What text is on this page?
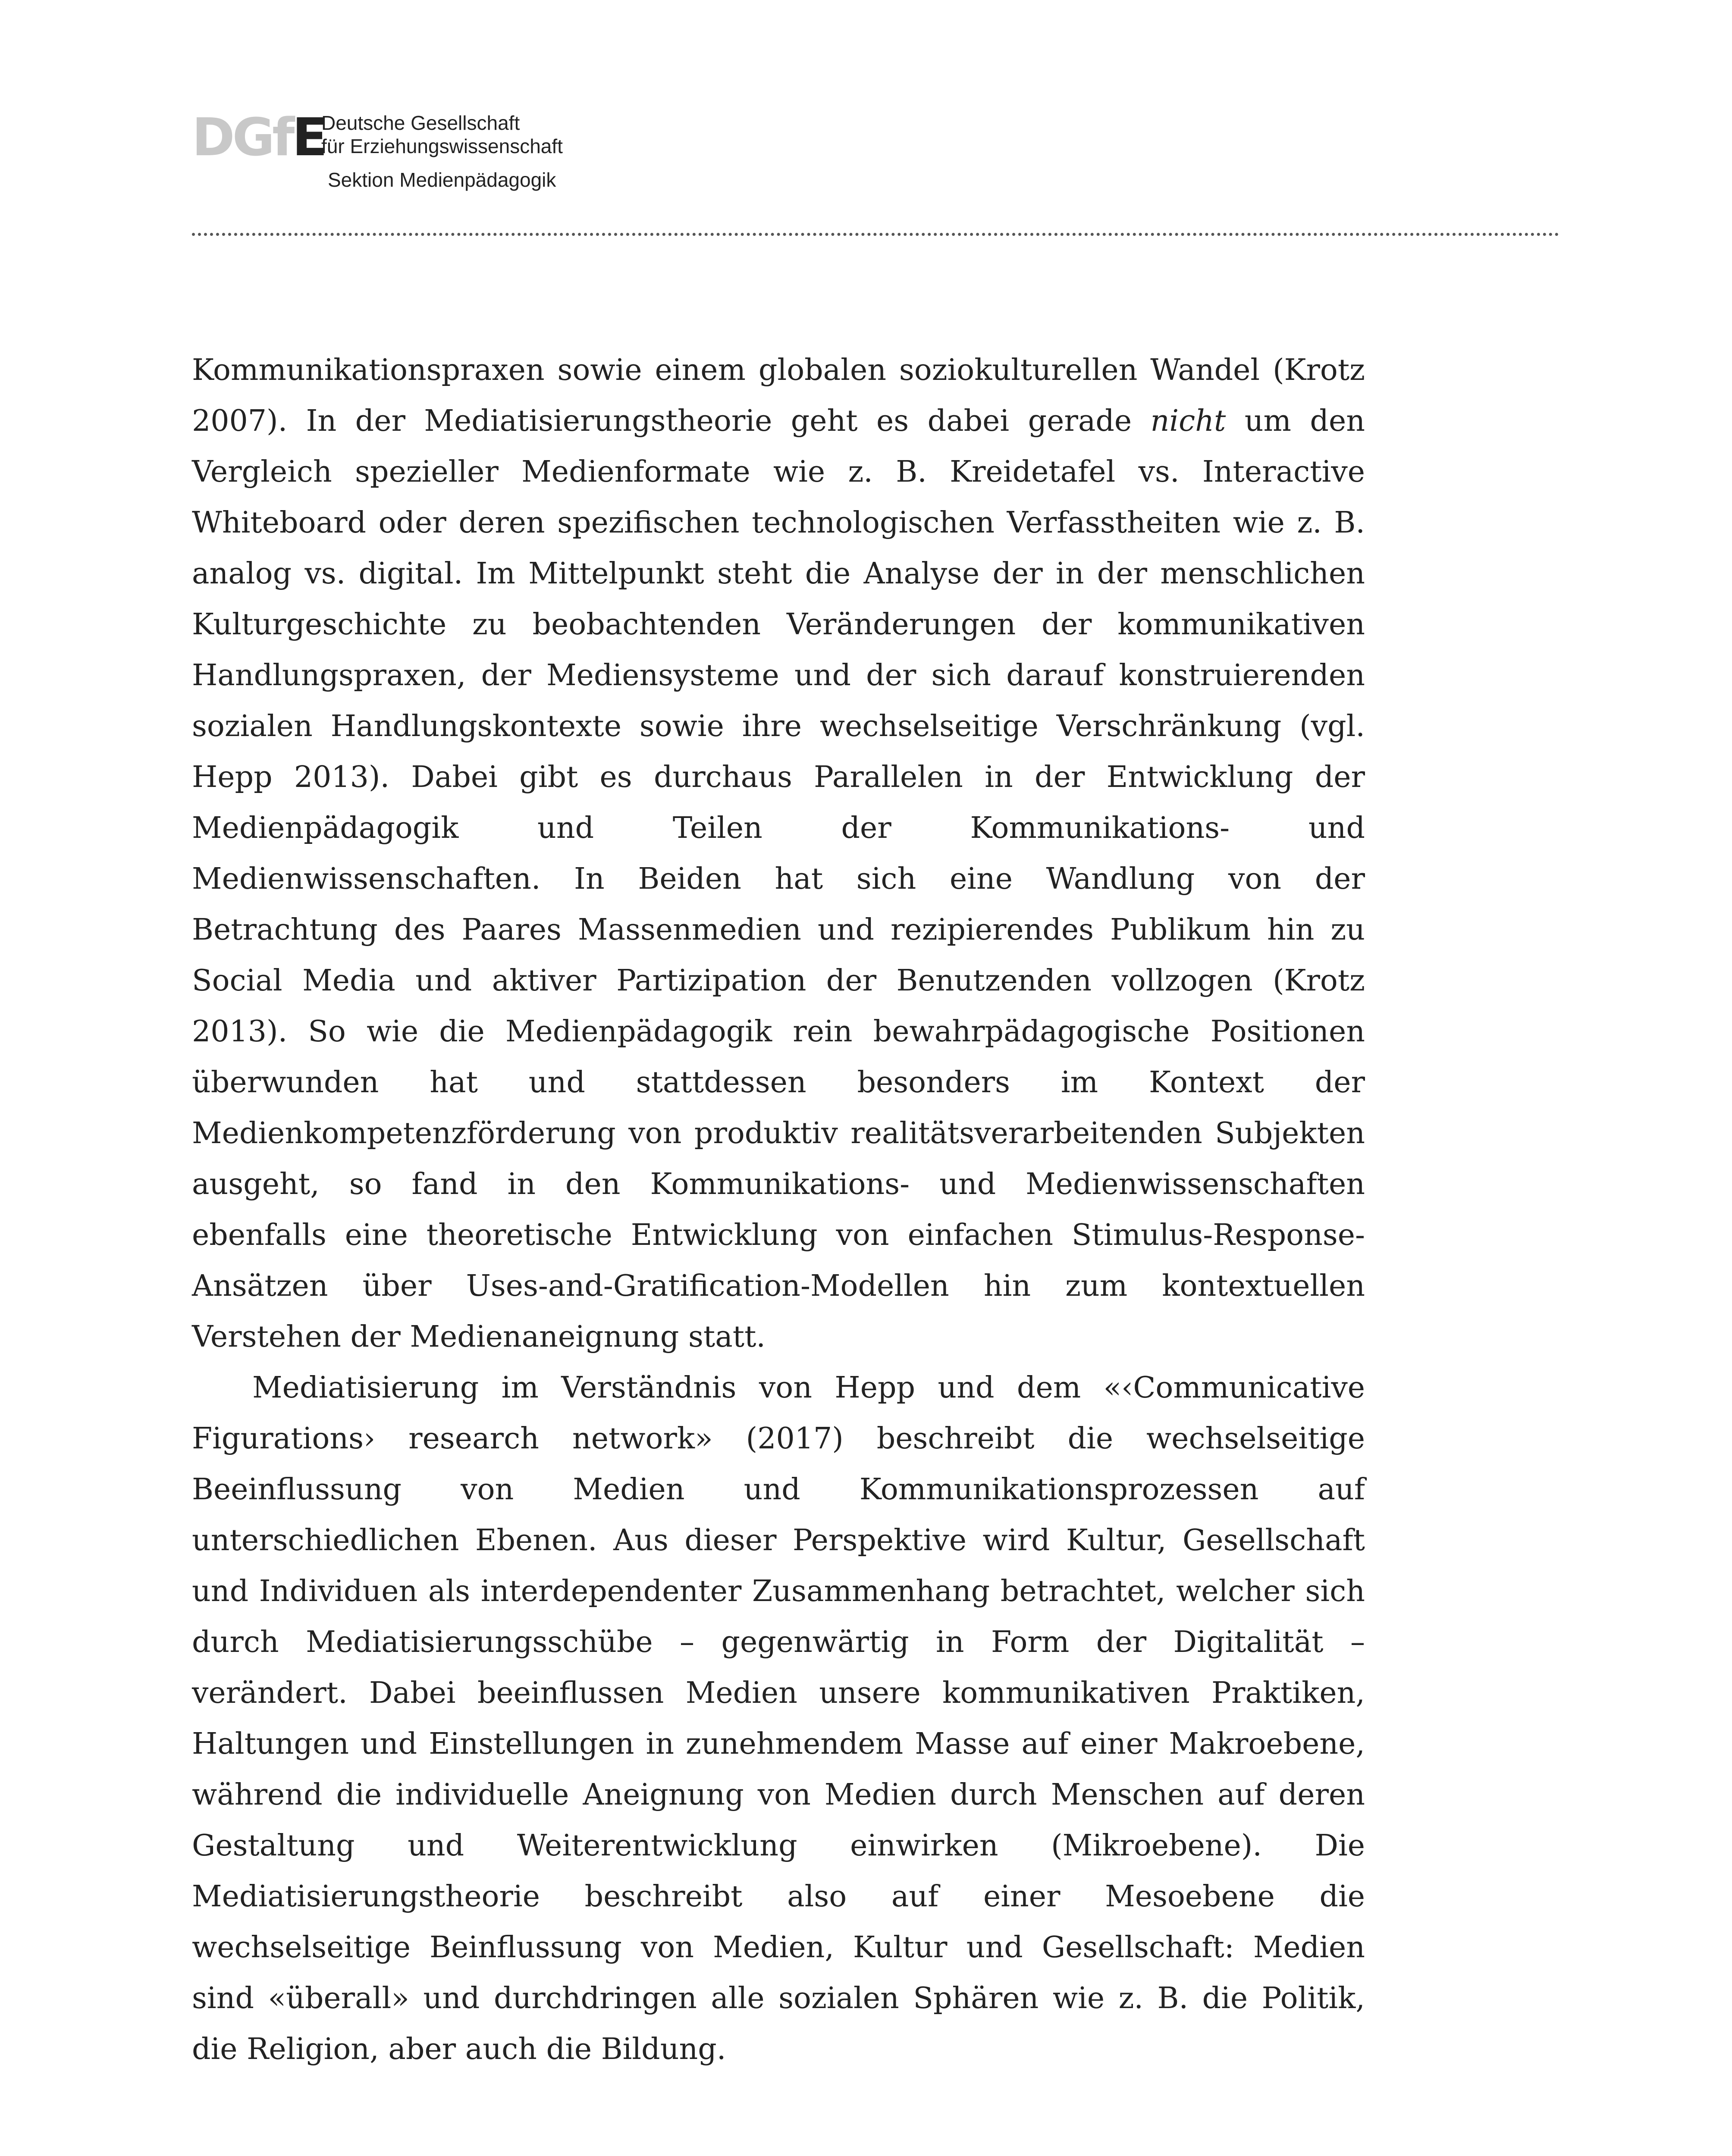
DGfE
Deutsche Gesellschaft
für Erziehungswissenschaft
Sektion Medienpädagogik

Kommunikationspraxen sowie einem globalen soziokulturellen Wandel (Krotz 2007). In der Mediatisierungstheorie geht es dabei gerade nicht um den Vergleich spezieller Medienformate wie z. B. Kreidetafel vs. Interactive Whiteboard oder deren spezifischen technologischen Verfasstheiten wie z. B. analog vs. digital. Im Mittelpunkt steht die Analyse der in der menschlichen Kulturgeschichte zu beobachtenden Veränderungen der kommunikativen Handlungspraxen, der Mediensysteme und der sich darauf konstruierenden sozialen Handlungskontexte sowie ihre wechselseitige Verschränkung (vgl. Hepp 2013). Dabei gibt es durchaus Parallelen in der Entwicklung der Medienpädagogik und Teilen der Kommunikations- und Medienwissenschaften. In Beiden hat sich eine Wandlung von der Betrachtung des Paares Massenmedien und rezipierendes Publikum hin zu Social Media und aktiver Partizipation der Benutzenden vollzogen (Krotz 2013). So wie die Medienpädagogik rein bewahrpädagogische Positionen überwunden hat und stattdessen besonders im Kontext der Medienkompetenzförderung von produktiv realitätsverarbeitenden Subjekten ausgeht, so fand in den Kommunikations- und Medienwissenschaften ebenfalls eine theoretische Entwicklung von einfachen Stimulus-Response-Ansätzen über Uses-and-Gratification-Modellen hin zum kontextuellen Verstehen der Medienaneignung statt.

Mediatisierung im Verständnis von Hepp und dem «‹Communicative Figurations› research network» (2017) beschreibt die wechselseitige Beeinflussung von Medien und Kommunikationsprozessen auf unterschiedlichen Ebenen. Aus dieser Perspektive wird Kultur, Gesellschaft und Individuen als interdependenter Zusammenhang betrachtet, welcher sich durch Mediatisierungsschübe – gegenwärtig in Form der Digitalität – verändert. Dabei beeinflussen Medien unsere kommunikativen Praktiken, Haltungen und Einstellungen in zunehmendem Masse auf einer Makroebene, während die individuelle Aneignung von Medien durch Menschen auf deren Gestaltung und Weiterentwicklung einwirken (Mikroebene). Die Mediatisierungstheorie beschreibt also auf einer Mesoebene die wechselseitige Beinflussung von Medien, Kultur und Gesellschaft: Medien sind «überall» und durchdringen alle sozialen Sphären wie z. B. die Politik, die Religion, aber auch die Bildung.
